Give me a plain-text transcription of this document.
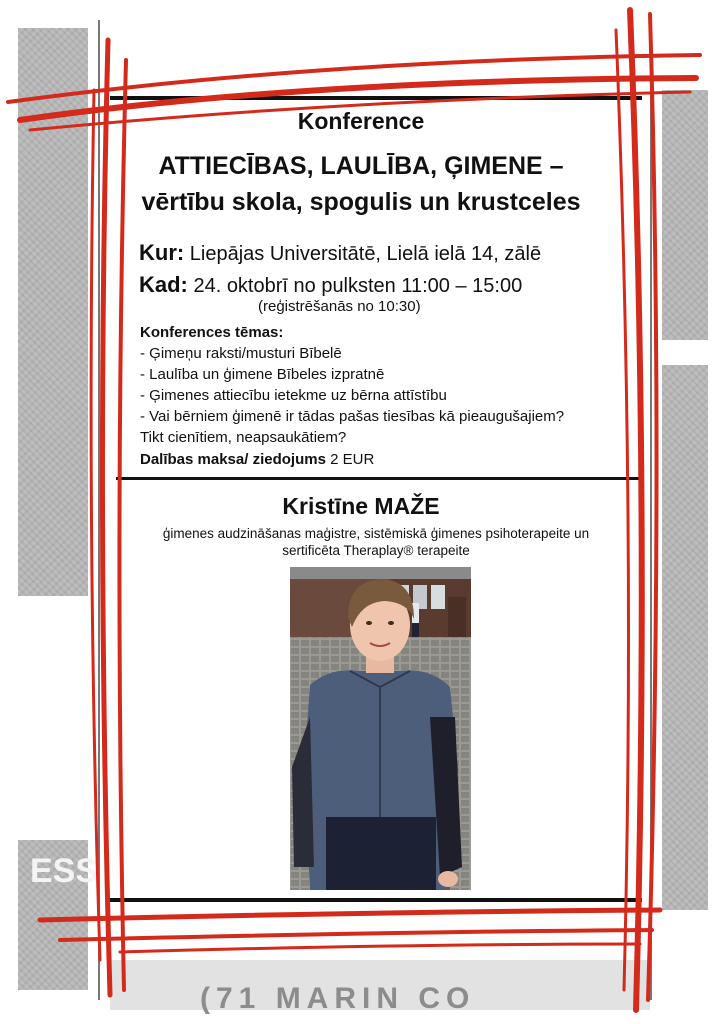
ESS
(71 MARIN CO
Konference
ATTIECĪBAS, LAULĪBA, ĢIMENE –
vērtību skola, spogulis un krustceles
Kur: Liepājas Universitātē, Lielā ielā 14, zālē
Kad: 24. oktobrī no pulksten 11:00 – 15:00
(reģistrēšanās no 10:30)
Konferences tēmas:
- Ģimeņu raksti/musturi Bībelē
- Laulība un ģimene Bībeles izpratnē
- Ģimenes attiecību ietekme uz bērna attīstību
- Vai bērniem ģimenē ir tādas pašas tiesības kā pieaugušajiem?
Tikt cienītiem, neapsaukātiem?
Dalības maksa/ ziedojums 2 EUR
Kristīne MAŽE
ģimenes audzināšanas maģistre, sistēmiskā ģimenes psihoterapeite un
sertificēta Theraplay® terapeite
